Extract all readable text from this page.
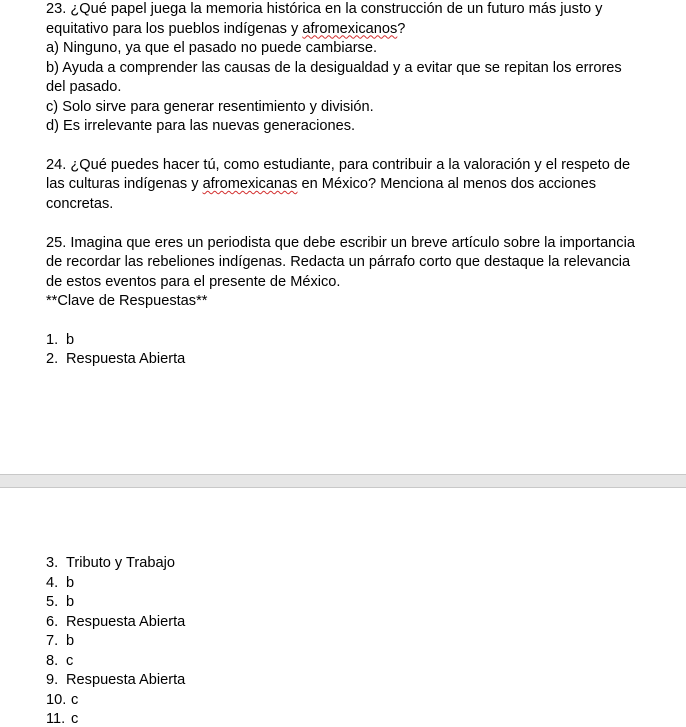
23. ¿Qué papel juega la memoria histórica en la construcción de un futuro más justo y
equitativo para los pueblos indígenas y afromexicanos?
a) Ninguno, ya que el pasado no puede cambiarse.
b) Ayuda a comprender las causas de la desigualdad y a evitar que se repitan los errores
del pasado.
c) Solo sirve para generar resentimiento y división.
d) Es irrelevante para las nuevas generaciones.
24. ¿Qué puedes hacer tú, como estudiante, para contribuir a la valoración y el respeto de
las culturas indígenas y afromexicanas en México? Menciona al menos dos acciones
concretas.
25. Imagina que eres un periodista que debe escribir un breve artículo sobre la importancia
de recordar las rebeliones indígenas. Redacta un párrafo corto que destaque la relevancia
de estos eventos para el presente de México.
**Clave de Respuestas**
1. b
2. Respuesta Abierta
3. Tributo y Trabajo
4. b
5. b
6. Respuesta Abierta
7. b
8. c
9. Respuesta Abierta
10. c
11. c
